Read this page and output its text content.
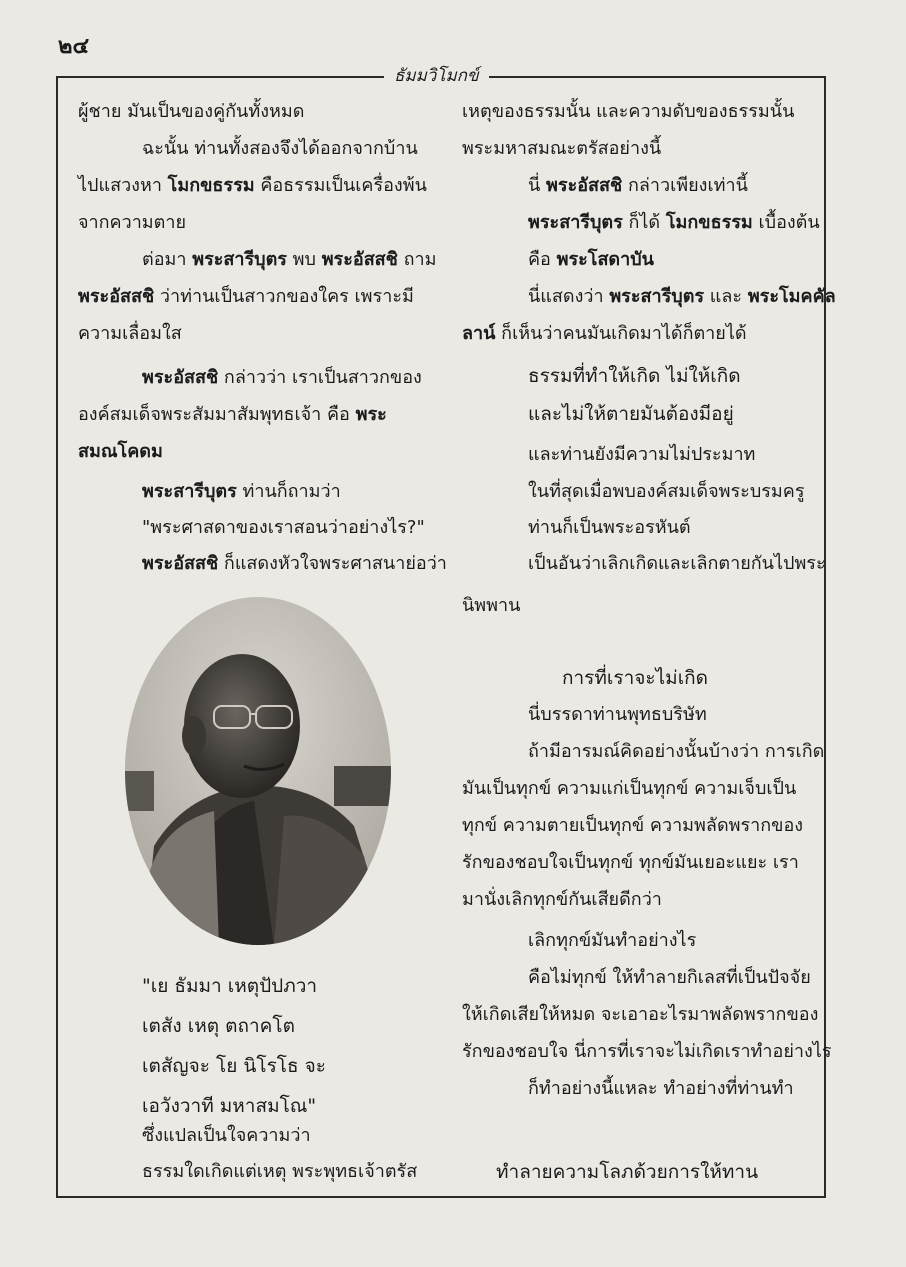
๒๔
ธัมมวิโมกข์
ผู้ชาย มันเป็นของคู่กันทั้งหมด
ฉะนั้น ท่านทั้งสองจึงได้ออกจากบ้าน
ไปแสวงหา โมกขธรรม คือธรรมเป็นเครื่องพ้น
จากความตาย
ต่อมา พระสารีบุตร พบ พระอัสสชิ ถาม
พระอัสสชิ ว่าท่านเป็นสาวกของใคร เพราะมี
ความเลื่อมใส
พระอัสสชิ กล่าวว่า เราเป็นสาวกของ
องค์สมเด็จพระสัมมาสัมพุทธเจ้า คือ พระ
สมณโคดม
พระสารีบุตร ท่านก็ถามว่า
"พระศาสดาของเราสอนว่าอย่างไร?"
พระอัสสชิ ก็แสดงหัวใจพระศาสนาย่อว่า
"เย ธัมมา เหตุปัปภวา
เตสัง เหตุ ตถาคโต
เตสัญจะ โย นิโรโธ จะ
เอวังวาที มหาสมโณ"
ซึ่งแปลเป็นใจความว่า
ธรรมใดเกิดแต่เหตุ พระพุทธเจ้าตรัส
เหตุของธรรมนั้น และความดับของธรรมนั้น
พระมหาสมณะตรัสอย่างนี้
นี่ พระอัสสชิ กล่าวเพียงเท่านี้
พระสารีบุตร ก็ได้ โมกขธรรม เบื้องต้น
คือ พระโสดาบัน
นี่แสดงว่า พระสารีบุตร และ พระโมคคัล
ลาน์ ก็เห็นว่าคนมันเกิดมาได้ก็ตายได้
ธรรมที่ทำให้เกิด ไม่ให้เกิด
และไม่ให้ตายมันต้องมีอยู่
และท่านยังมีความไม่ประมาท
ในที่สุดเมื่อพบองค์สมเด็จพระบรมครู
ท่านก็เป็นพระอรหันต์
เป็นอันว่าเลิกเกิดและเลิกตายกันไปพระ
นิพพาน
การที่เราจะไม่เกิด
นี่บรรดาท่านพุทธบริษัท
ถ้ามีอารมณ์คิดอย่างนั้นบ้างว่า การเกิด
มันเป็นทุกข์ ความแก่เป็นทุกข์ ความเจ็บเป็น
ทุกข์ ความตายเป็นทุกข์ ความพลัดพรากของ
รักของชอบใจเป็นทุกข์ ทุกข์มันเยอะแยะ เรา
มานั่งเลิกทุกข์กันเสียดีกว่า
เลิกทุกข์มันทำอย่างไร
คือไม่ทุกข์ ให้ทำลายกิเลสที่เป็นปัจจัย
ให้เกิดเสียให้หมด จะเอาอะไรมาพลัดพรากของ
รักของชอบใจ นี่การที่เราจะไม่เกิดเราทำอย่างไร
ก็ทำอย่างนี้แหละ ทำอย่างที่ท่านทำ
ทำลายความโลภด้วยการให้ทาน
